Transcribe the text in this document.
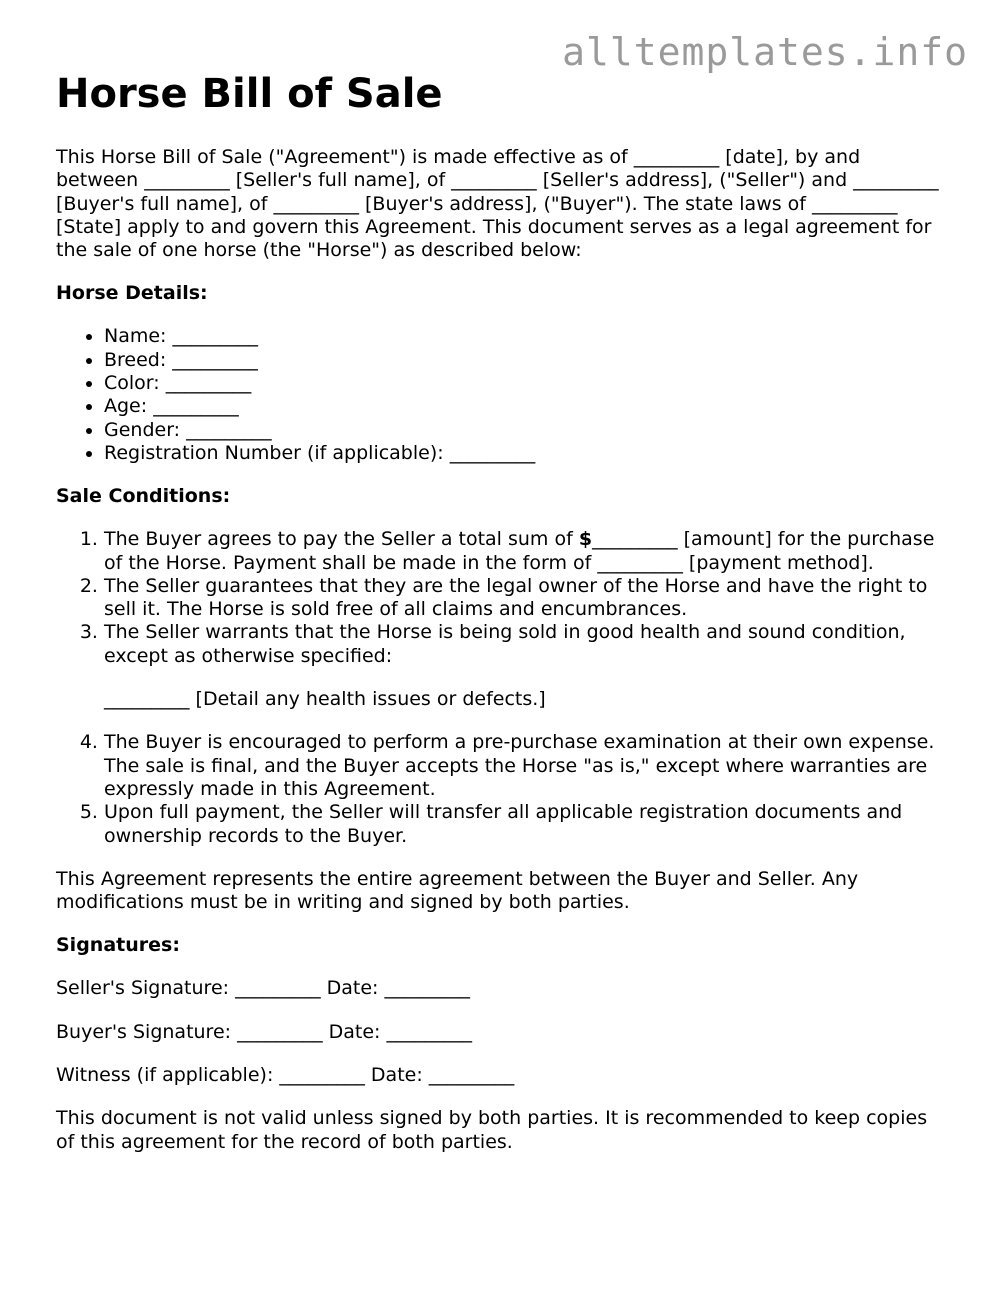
alltemplates.info
Horse Bill of Sale

This Horse Bill of Sale ("Agreement") is made effective as of _________ [date], by and between _________ [Seller's full name], of _________ [Seller's address], ("Seller") and _________ [Buyer's full name], of _________ [Buyer's address], ("Buyer"). The state laws of _________ [State] apply to and govern this Agreement. This document serves as a legal agreement for the sale of one horse (the "Horse") as described below:

Horse Details:
• Name: _________
• Breed: _________
• Color: _________
• Age: _________
• Gender: _________
• Registration Number (if applicable): _________
Sale Conditions:
1. The Buyer agrees to pay the Seller a total sum of $_________ [amount] for the purchase of the Horse. Payment shall be made in the form of _________ [payment method].
2. The Seller guarantees that they are the legal owner of the Horse and have the right to sell it. The Horse is sold free of all claims and encumbrances.
3. The Seller warrants that the Horse is being sold in good health and sound condition, except as otherwise specified:

_________ [Detail any health issues or defects.]

4. The Buyer is encouraged to perform a pre-purchase examination at their own expense. The sale is final, and the Buyer accepts the Horse "as is," except where warranties are expressly made in this Agreement.
5. Upon full payment, the Seller will transfer all applicable registration documents and ownership records to the Buyer.

This Agreement represents the entire agreement between the Buyer and Seller. Any modifications must be in writing and signed by both parties.

Signatures:

Seller's Signature: _________ Date: _________

Buyer's Signature: _________ Date: _________

Witness (if applicable): _________ Date: _________

This document is not valid unless signed by both parties. It is recommended to keep copies of this agreement for the record of both parties.
